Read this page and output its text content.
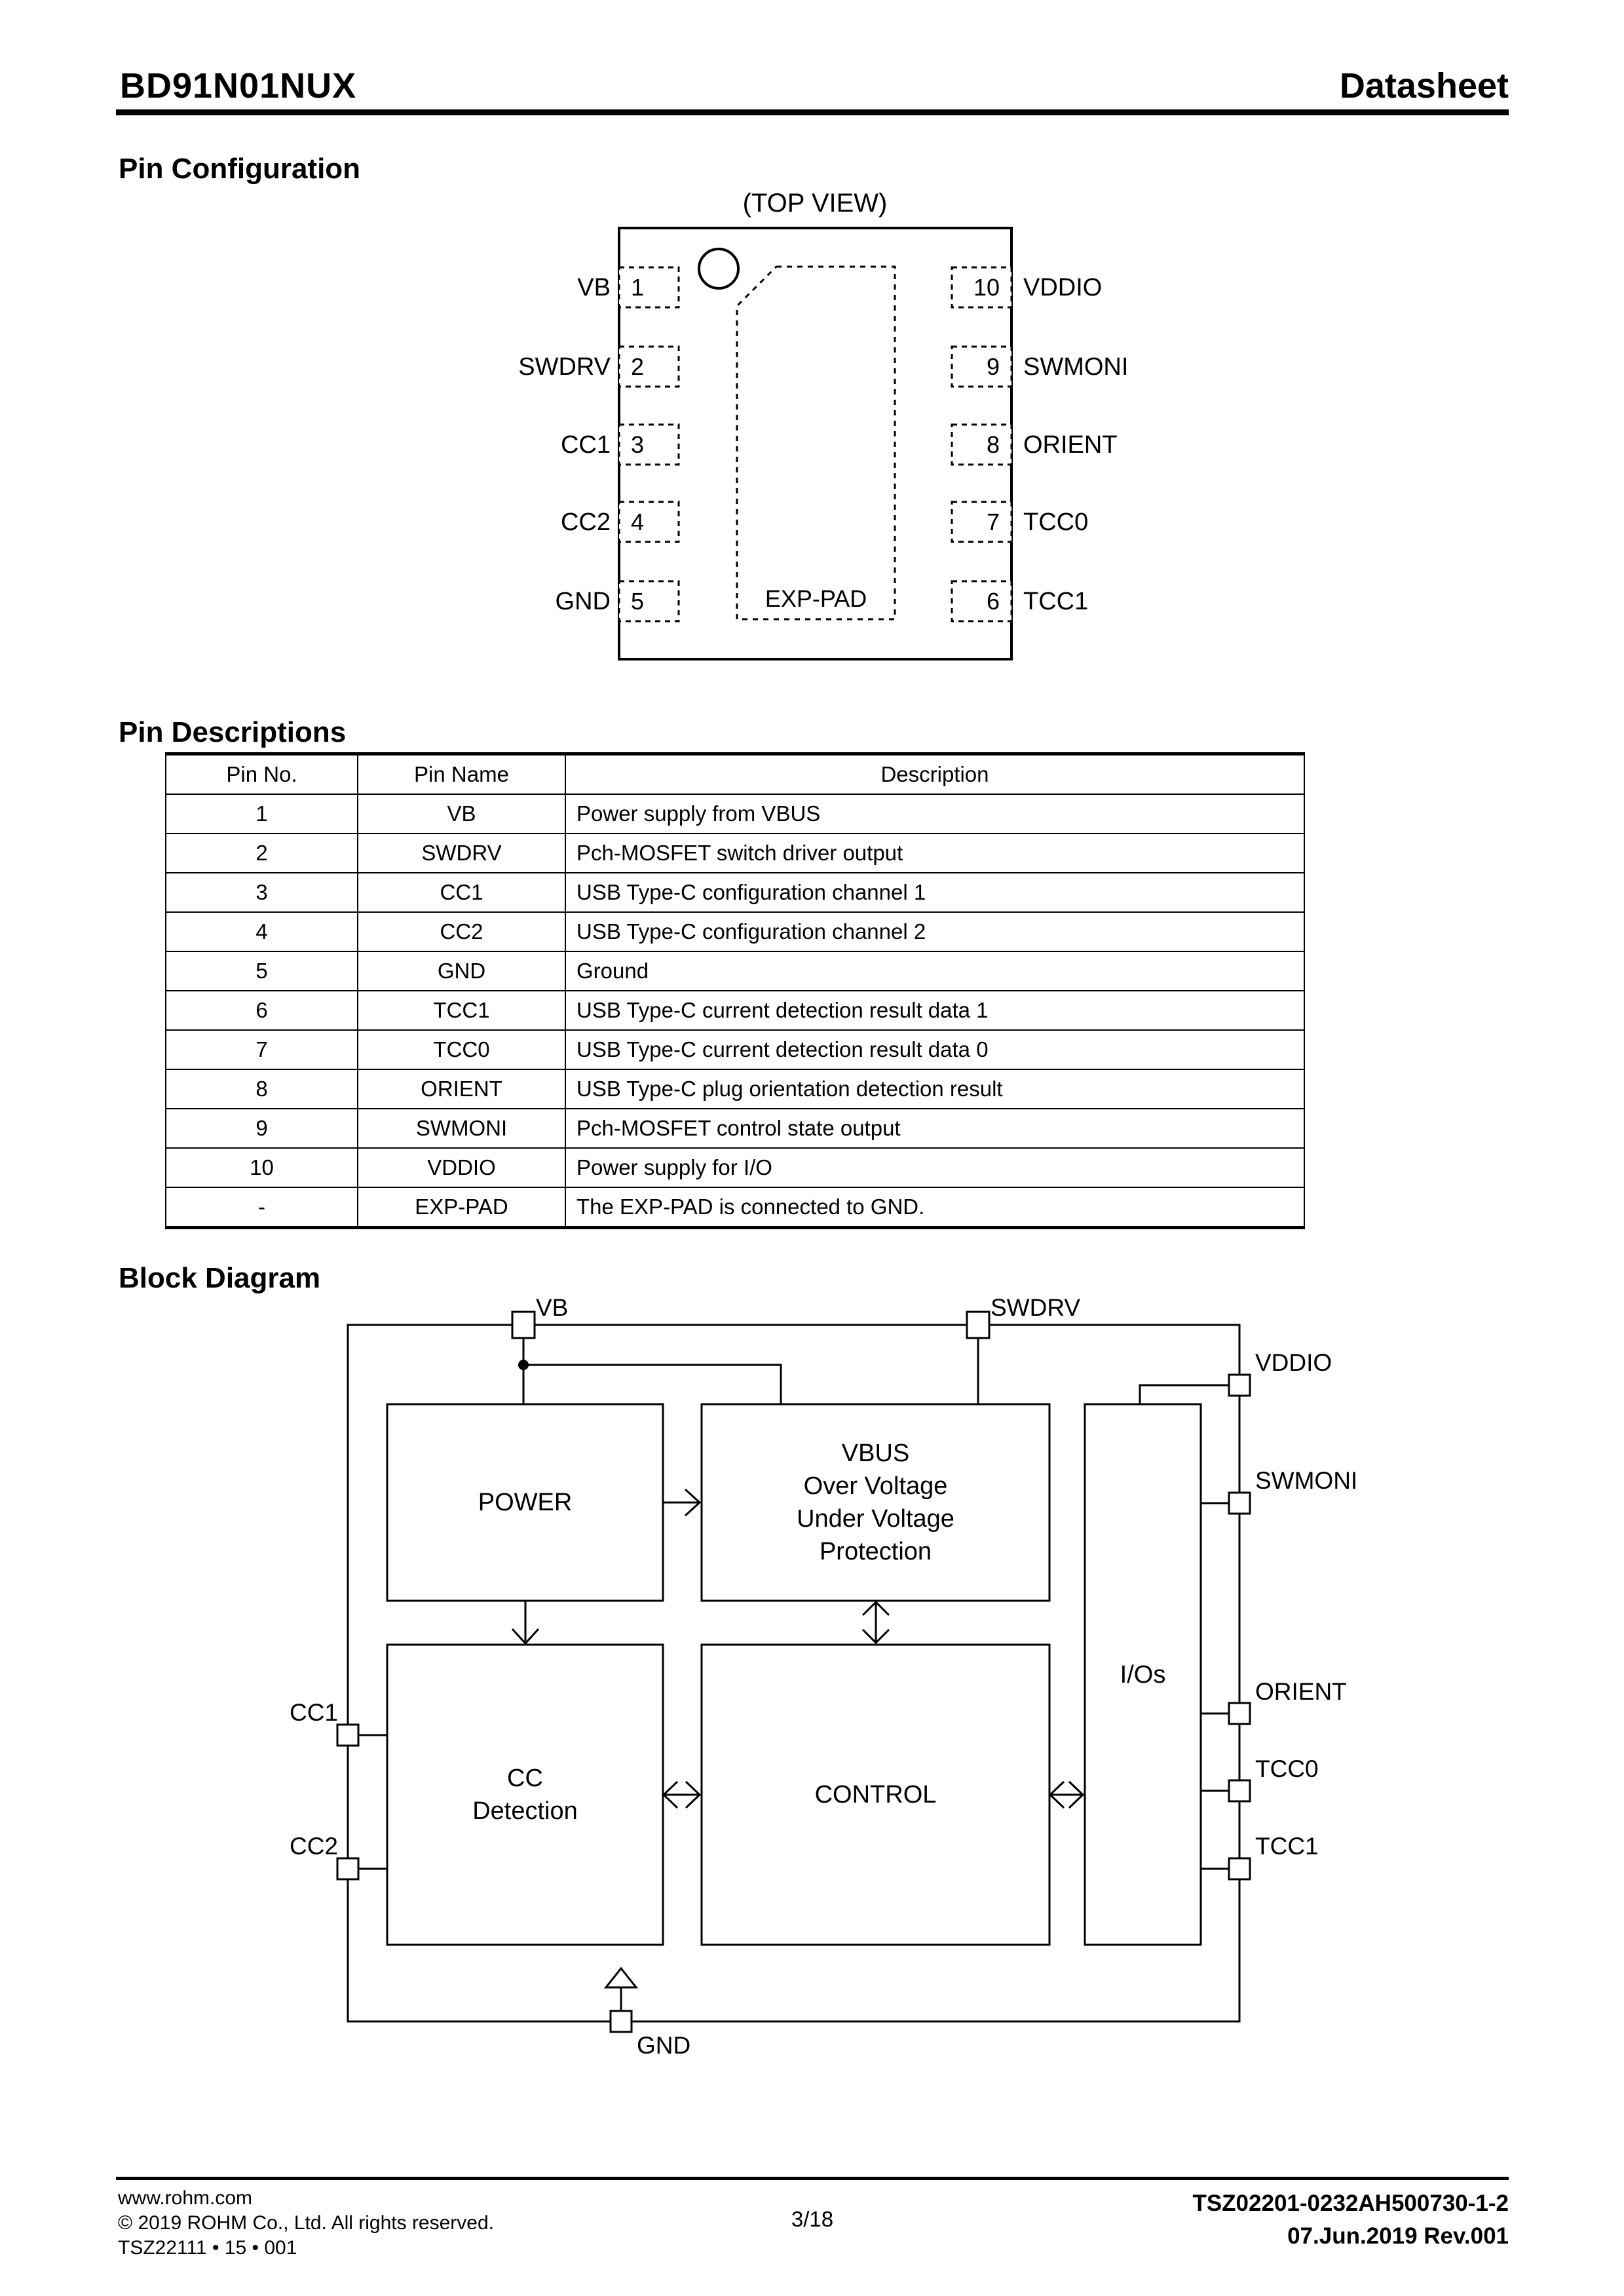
BD91N01NUX	Datasheet
Pin Configuration
(TOP VIEW)
VB
SWDRV
CC1
CC2
GND
1
2
3
4
5
10
9
8
7
6
VDDIO
SWMONI
ORIENT
TCC0
TCC1
EXP-PAD
Pin Descriptions
Pin No.	Pin Name	Description
1	VB	Power supply from VBUS
2	SWDRV	Pch-MOSFET switch driver output
3	CC1	USB Type-C configuration channel 1
4	CC2	USB Type-C configuration channel 2
5	GND	Ground
6	TCC1	USB Type-C current detection result data 1
7	TCC0	USB Type-C current detection result data 0
8	ORIENT	USB Type-C plug orientation detection result
9	SWMONI	Pch-MOSFET control state output
10	VDDIO	Power supply for I/O
-	EXP-PAD	The EXP-PAD is connected to GND.
Block Diagram
POWER
VBUS
Over Voltage
Under Voltage
Protection
CC
Detection
CONTROL
I/Os
VB	SWDRV
VDDIO
SWMONI
ORIENT
TCC0
TCC1
CC1
CC2
GND
www.rohm.com
© 2019 ROHM Co., Ltd. All rights reserved.
TSZ22111 • 15 • 001
3/18
TSZ02201-0232AH500730-1-2
07.Jun.2019 Rev.001
